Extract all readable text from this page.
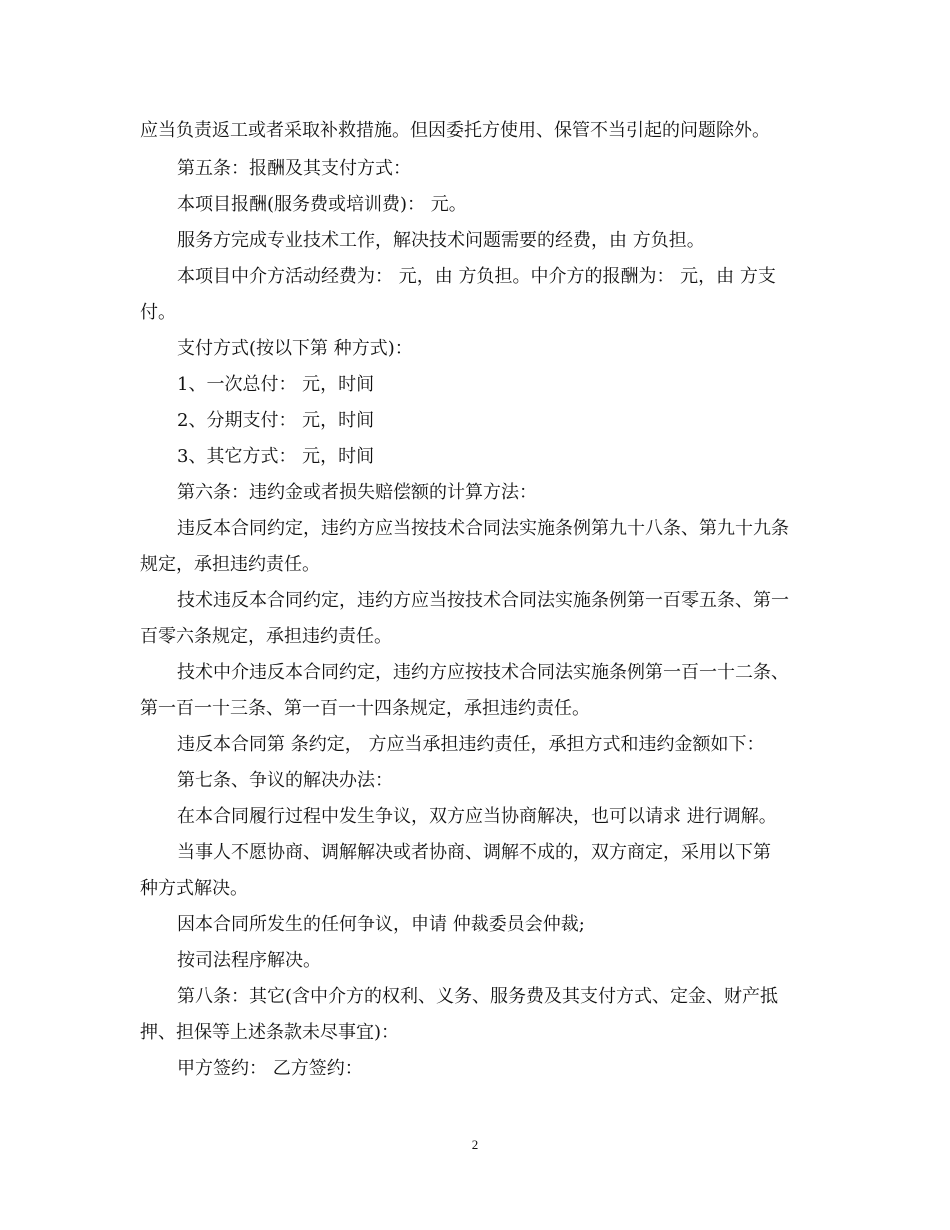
应当负责返工或者采取补救措施。但因委托方使用、保管不当引起的问题除外。
第五条：报酬及其支付方式：
本项目报酬(服务费或培训费)： 元。
服务方完成专业技术工作，解决技术问题需要的经费，由 方负担。
本项目中介方活动经费为： 元，由 方负担。中介方的报酬为： 元，由 方支
付。
支付方式(按以下第 种方式)：
1、一次总付： 元，时间
2、分期支付： 元，时间
3、其它方式： 元，时间
第六条：违约金或者损失赔偿额的计算方法：
违反本合同约定，违约方应当按技术合同法实施条例第九十八条、第九十九条
规定，承担违约责任。
技术违反本合同约定，违约方应当按技术合同法实施条例第一百零五条、第一
百零六条规定，承担违约责任。
技术中介违反本合同约定，违约方应按技术合同法实施条例第一百一十二条、
第一百一十三条、第一百一十四条规定，承担违约责任。
违反本合同第 条约定， 方应当承担违约责任，承担方式和违约金额如下：
第七条、争议的解决办法：
在本合同履行过程中发生争议，双方应当协商解决，也可以请求 进行调解。
当事人不愿协商、调解解决或者协商、调解不成的，双方商定，采用以下第
种方式解决。
因本合同所发生的任何争议，申请 仲裁委员会仲裁;
按司法程序解决。
第八条：其它(含中介方的权利、义务、服务费及其支付方式、定金、财产抵
押、担保等上述条款未尽事宜)：
甲方签约： 乙方签约：
2
